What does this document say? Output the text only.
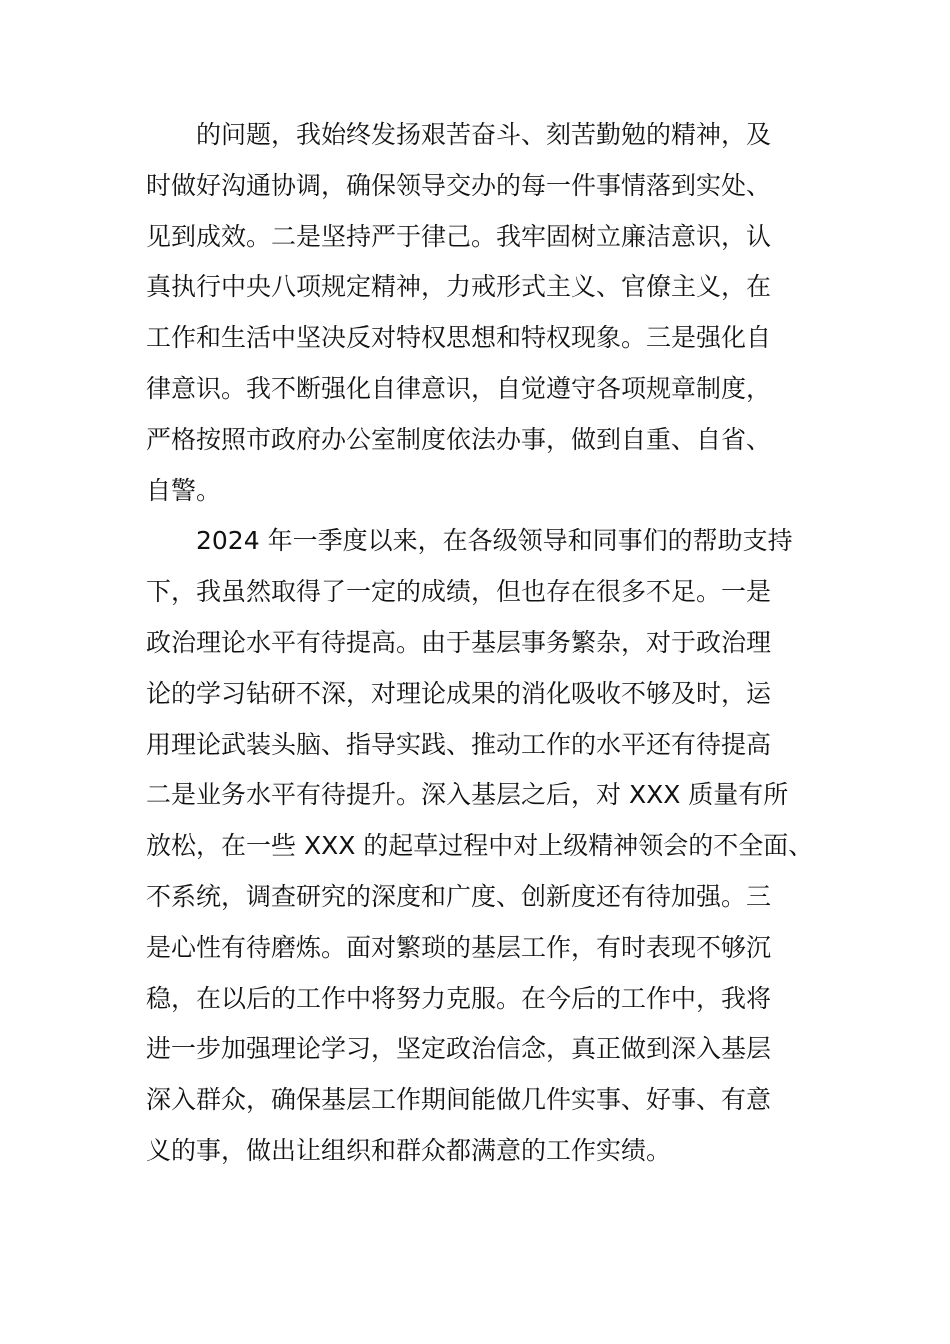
的问题，我始终发扬艰苦奋斗、刻苦勤勉的精神，及
时做好沟通协调，确保领导交办的每一件事情落到实处、
见到成效。二是坚持严于律己。我牢固树立廉洁意识，认
真执行中央八项规定精神，力戒形式主义、官僚主义，在
工作和生活中坚决反对特权思想和特权现象。三是强化自
律意识。我不断强化自律意识，自觉遵守各项规章制度，
严格按照市政府办公室制度依法办事，做到自重、自省、
自警。
2024 年一季度以来，在各级领导和同事们的帮助支持
下，我虽然取得了一定的成绩，但也存在很多不足。一是
政治理论水平有待提高。由于基层事务繁杂，对于政治理
论的学习钻研不深，对理论成果的消化吸收不够及时，运
用理论武装头脑、指导实践、推动工作的水平还有待提高
二是业务水平有待提升。深入基层之后，对 XXX 质量有所
放松，在一些 XXX 的起草过程中对上级精神领会的不全面、
不系统，调查研究的深度和广度、创新度还有待加强。三
是心性有待磨炼。面对繁琐的基层工作，有时表现不够沉
稳，在以后的工作中将努力克服。在今后的工作中，我将
进一步加强理论学习，坚定政治信念，真正做到深入基层
深入群众，确保基层工作期间能做几件实事、好事、有意
义的事，做出让组织和群众都满意的工作实绩。
